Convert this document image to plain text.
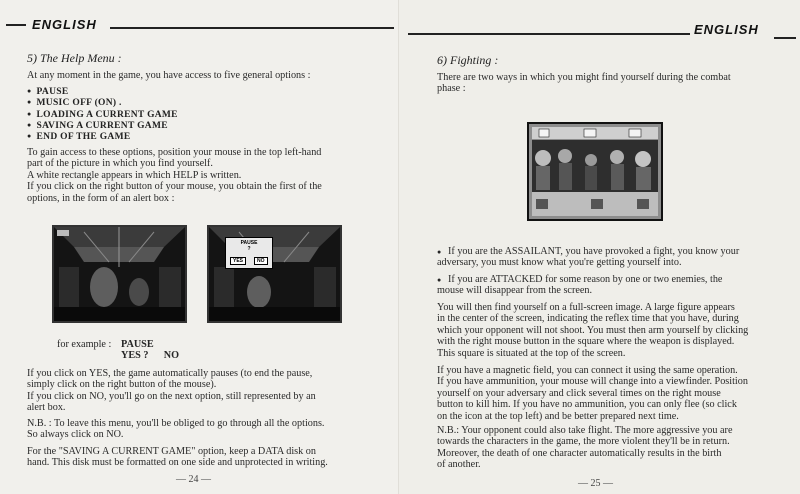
ENGLISH
5) The Help Menu :

At any moment in the game, you have access to five general options :

● PAUSE
● MUSIC OFF (ON) .
● LOADING A CURRENT GAME
● SAVING A CURRENT GAME
● END OF THE GAME
To gain access to these options, position your mouse in the top left-hand
part of the picture in which you find yourself.
A white rectangle appears in which HELP is written.
If you click on the right button of your mouse, you obtain the first of the
options, in the form of an alert box :
PAUSE
?
YES	NO
for example : PAUSE
YES ?      NO
If you click on YES, the game automatically pauses (to end the pause,
simply click on the right button of the mouse).
If you click on NO, you'll go on the next option, still represented by an
alert box.
N.B. : To leave this menu, you'll be obliged to go through all the options.
So always click on NO.
For the "SAVING A CURRENT GAME" option, keep a DATA disk on
hand. This disk must be formatted on one side and unprotected in writing.
— 24 —
ENGLISH
6) Fighting :
There are two ways in which you might find yourself during the combat
phase :
● If you are the ASSAILANT, you have provoked a fight, you know your
adversary, you must know what you're getting yourself into.
● If you are ATTACKED for some reason by one or two enemies, the
mouse will disappear from the screen.
You will then find yourself on a full-screen image. A large figure appears
in the center of the screen, indicating the reflex time that you have, during
which your opponent will not shoot. You must then arm yourself by clicking
with the right mouse button in the square where the weapon is displayed.
This square is situated at the top of the screen.
If you have a magnetic field, you can connect it using the same operation.
If you have ammunition, your mouse will change into a viewfinder. Position
yourself on your adversary and click several times on the right mouse
button to kill him. If you have no ammunition, you can only flee (so click
on the icon at the top left) and be better prepared next time.
N.B.: Your opponent could also take flight. The more aggressive you are
towards the characters in the game, the more violent they'll be in return.
Moreover, the death of one character automatically results in the birth
of another.
— 25 —
